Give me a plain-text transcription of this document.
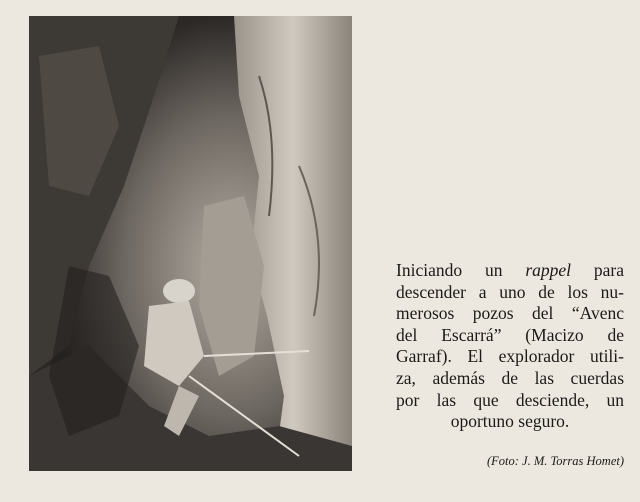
Iniciando un rappel para
descender a uno de los nu-
merosos pozos del “Avenc
del Escarrá” (Macizo de
Garraf). El explorador utili-
za, además de las cuerdas
por las que desciende, un
oportuno seguro.
(Foto: J. M. Torras Homet)
